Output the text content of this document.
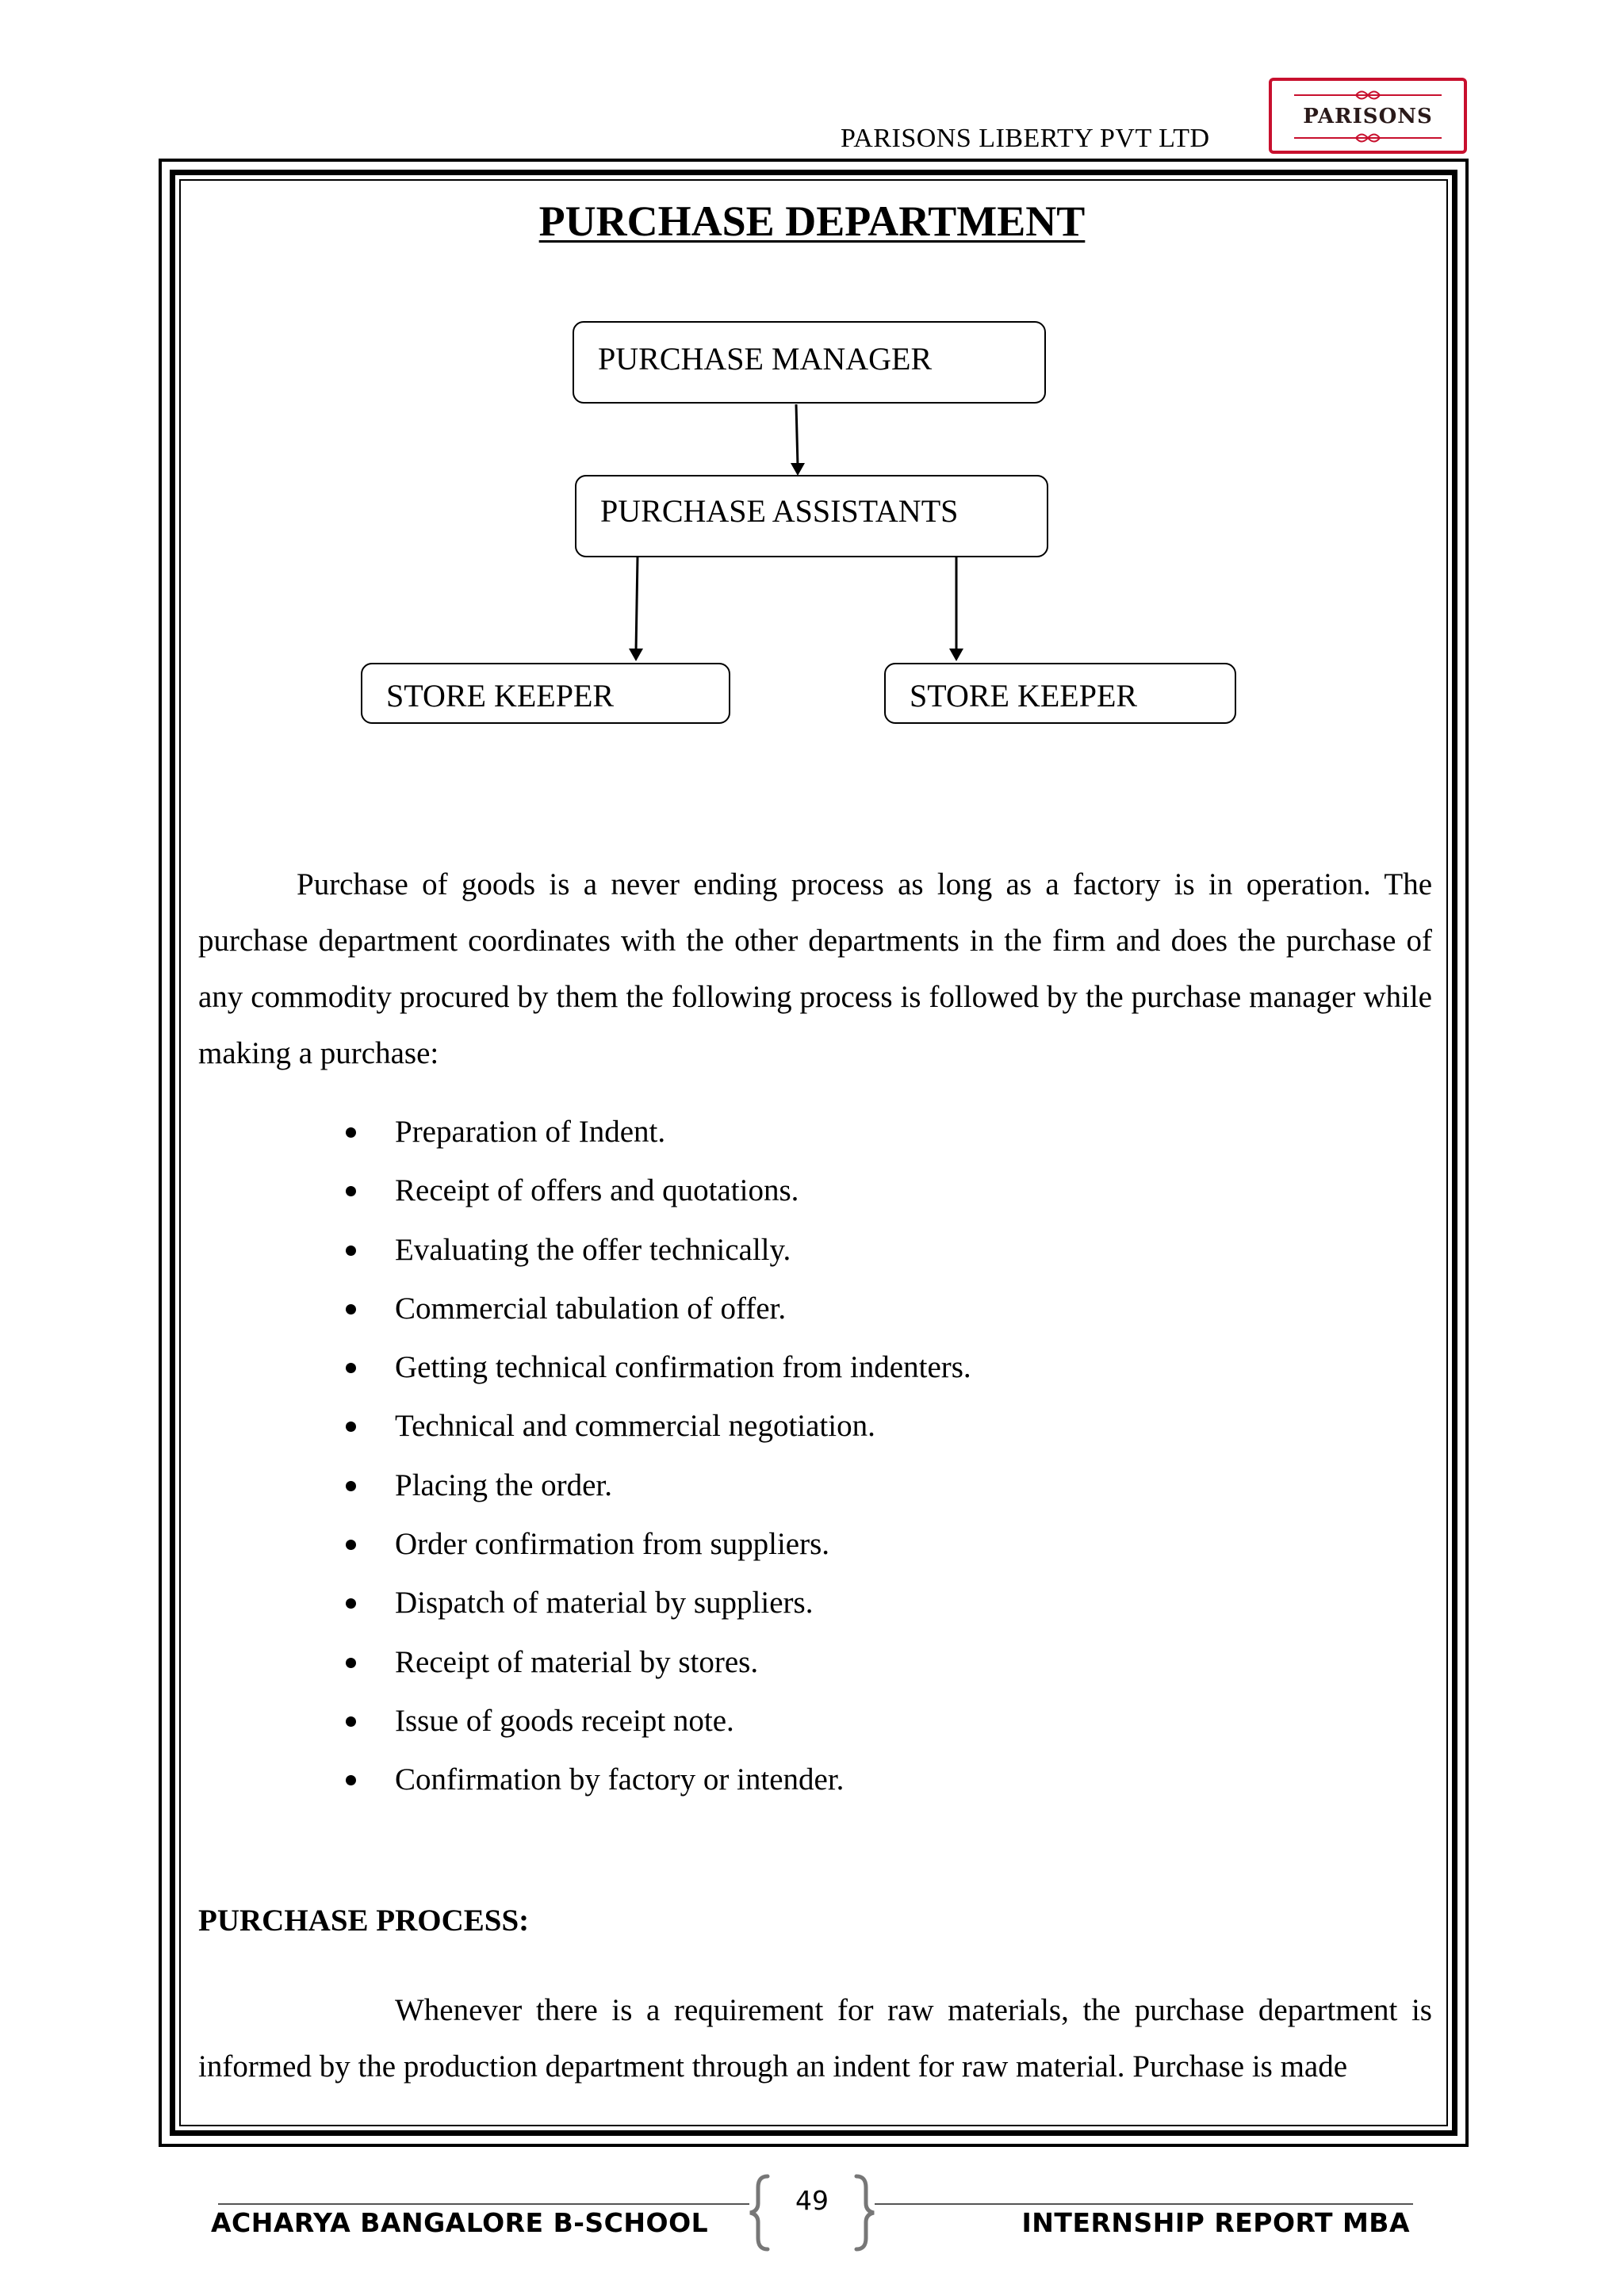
PARISONS LIBERTY PVT LTD
PARISONS
PURCHASE DEPARTMENT
PURCHASE MANAGER
PURCHASE ASSISTANTS
STORE KEEPER	STORE KEEPER

Purchase of goods is a never ending process as long as a factory is in operation. The purchase department coordinates with the other departments in the firm and does the purchase of any commodity procured by them the following process is followed by the purchase manager while making a purchase:

Preparation of Indent.
Receipt of offers and quotations.
Evaluating the offer technically.
Commercial tabulation of offer.
Getting technical confirmation from indenters.
Technical and commercial negotiation.
Placing the order.
Order confirmation from suppliers.
Dispatch of material by suppliers.
Receipt of material by stores.
Issue of goods receipt note.
Confirmation by factory or intender.
PURCHASE PROCESS:

Whenever there is a requirement for raw materials, the purchase department is informed by the production department through an indent for raw material. Purchase is made

49
ACHARYA BANGALORE B-SCHOOL	INTERNSHIP REPORT MBA
